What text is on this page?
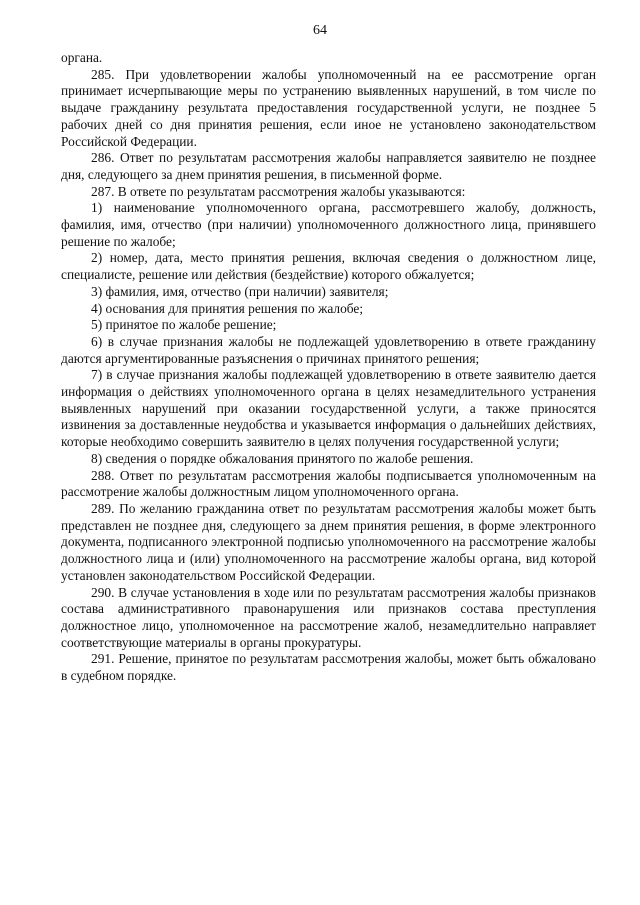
64

органа.

285. При удовлетворении жалобы уполномоченный на ее рассмотрение орган принимает исчерпывающие меры по устранению выявленных нарушений, в том числе по выдаче гражданину результата предоставления государственной услуги, не позднее 5 рабочих дней со дня принятия решения, если иное не установлено законодательством Российской Федерации.

286. Ответ по результатам рассмотрения жалобы направляется заявителю не позднее дня, следующего за днем принятия решения, в письменной форме.

287. В ответе по результатам рассмотрения жалобы указываются:

1) наименование уполномоченного органа, рассмотревшего жалобу, должность, фамилия, имя, отчество (при наличии) уполномоченного должностного лица, принявшего решение по жалобе;

2) номер, дата, место принятия решения, включая сведения о должностном лице, специалисте, решение или действия (бездействие) которого обжалуется;

3) фамилия, имя, отчество (при наличии) заявителя;

4) основания для принятия решения по жалобе;

5) принятое по жалобе решение;

6) в случае признания жалобы не подлежащей удовлетворению в ответе гражданину даются аргументированные разъяснения о причинах принятого решения;

7) в случае признания жалобы подлежащей удовлетворению в ответе заявителю дается информация о действиях уполномоченного органа в целях незамедлительного устранения выявленных нарушений при оказании государственной услуги, а также приносятся извинения за доставленные неудобства и указывается информация о дальнейших действиях, которые необходимо совершить заявителю в целях получения государственной услуги;

8) сведения о порядке обжалования принятого по жалобе решения.

288. Ответ по результатам рассмотрения жалобы подписывается уполномоченным на рассмотрение жалобы должностным лицом уполномоченного органа.

289. По желанию гражданина ответ по результатам рассмотрения жалобы может быть представлен не позднее дня, следующего за днем принятия решения, в форме электронного документа, подписанного электронной подписью уполномоченного на рассмотрение жалобы должностного лица и (или) уполномоченного на рассмотрение жалобы органа, вид которой установлен законодательством Российской Федерации.

290. В случае установления в ходе или по результатам рассмотрения жалобы признаков состава административного правонарушения или признаков состава преступления должностное лицо, уполномоченное на рассмотрение жалоб, незамедлительно направляет соответствующие материалы в органы прокуратуры.

291. Решение, принятое по результатам рассмотрения жалобы, может быть обжаловано в судебном порядке.
